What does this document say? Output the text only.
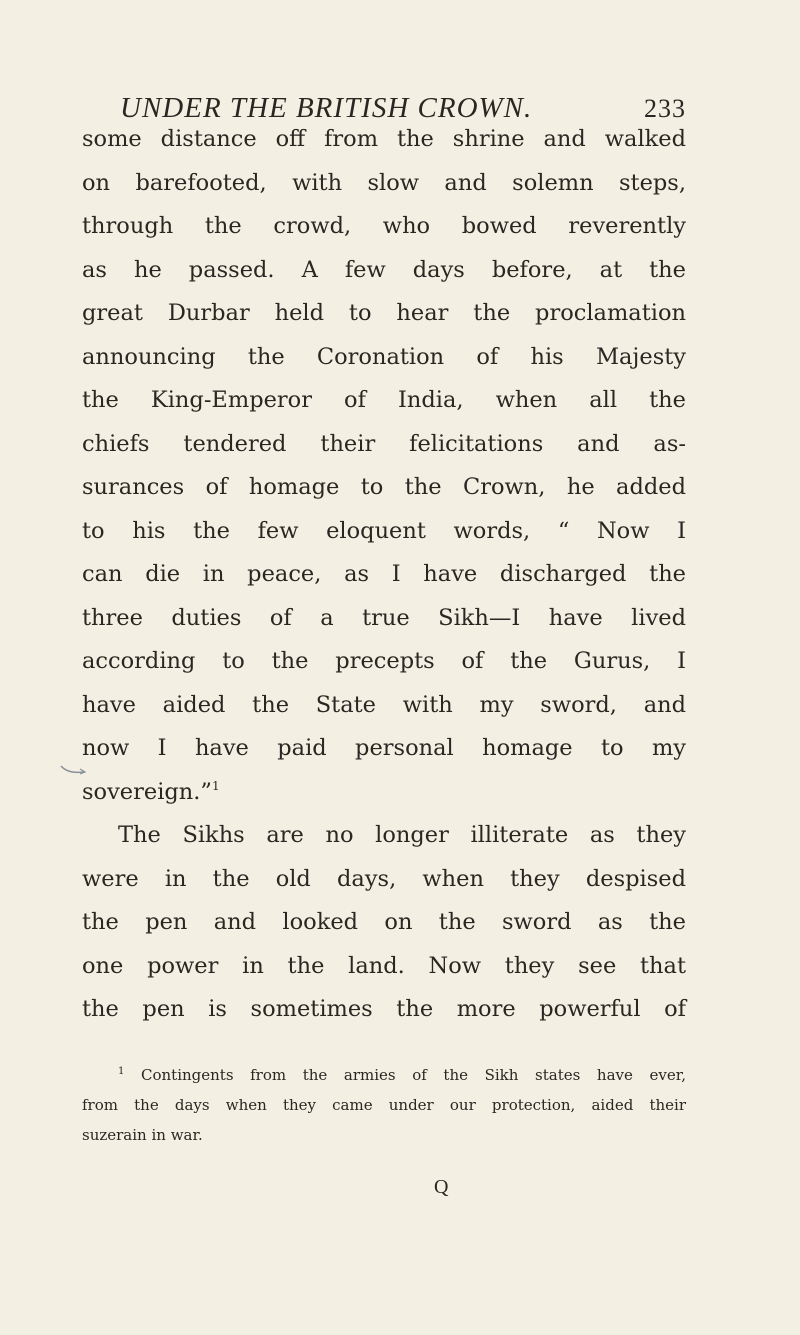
UNDER THE BRITISH CROWN.	233
some distance off from the shrine and walked
on barefooted, with slow and solemn steps,
through the crowd, who bowed reverently
as he passed. A few days before, at the
great Durbar held to hear the proclamation
announcing the Coronation of his Majesty
the King-Emperor of India, when all the
chiefs tendered their felicitations and as-
surances of homage to the Crown, he added
to his the few eloquent words, “ Now I
can die in peace, as I have discharged the
three duties of a true Sikh—I have lived
according to the precepts of the Gurus, I
have aided the State with my sword, and
now I have paid personal homage to my
sovereign.”$^1$
The Sikhs are no longer illiterate as they
were in the old days, when they despised
the pen and looked on the sword as the
one power in the land. Now they see that
the pen is sometimes the more powerful of
$^1$ Contingents from the armies of the Sikh states have ever,
from the days when they came under our protection, aided their
suzerain in war.
Q
